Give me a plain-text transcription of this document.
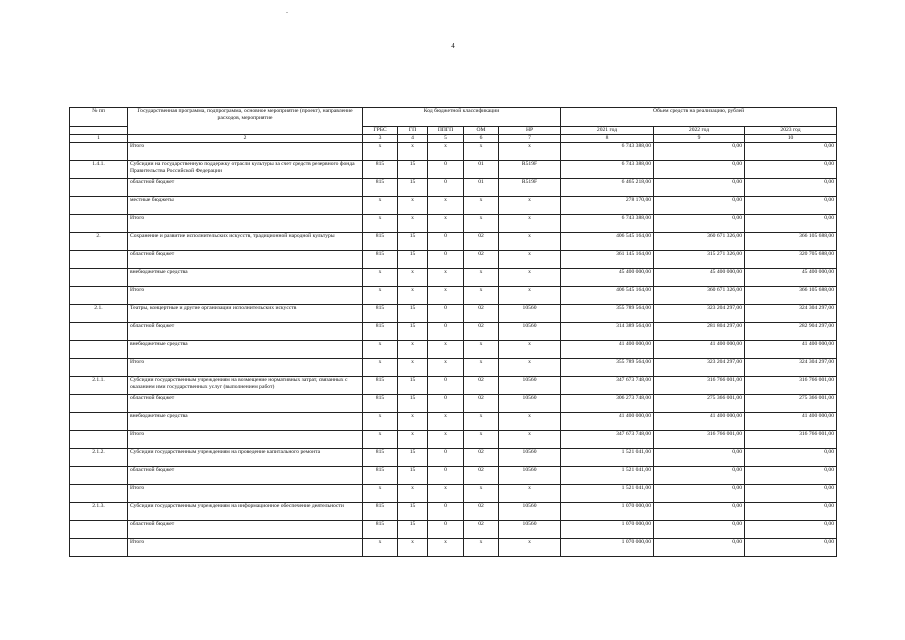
4
№ пп	Государственная программа, подпрограмма, основное мероприятие (проект), направление расходов, мероприятие	Код бюджетной классификации					Объем средств на реализацию, рублей		
		ГРБС	ГП	ППГП	ОМ	НР	2021 год	2022 год	2023 год
1	2	3	4	5	6	7	8	9	10
	Итого	х	х	х	х	х	6 743 388,00	0,00	0,00
1.4.1.	Субсидии на государственную поддержку отрасли культуры за счет средств резервного фонда Правительства Российской Федерации	815	15	0	01	R519F	6 743 388,00	0,00	0,00
	областной бюджет	815	15	0	01	R519F	6 465 218,00	0,00	0,00
	местные бюджеты	х	х	х	х	х	278 170,00	0,00	0,00
	Итого	х	х	х	х	х	6 743 388,00	0,00	0,00
2.	Сохранение и развитие исполнительских искусств, традиционной народной культуры	815	15	0	02	х	406 545 164,00	360 671 326,00	366 105 688,00
	областной бюджет	815	15	0	02	х	361 145 164,00	315 271 326,00	320 705 688,00
	внебюджетные средства	х	х	х	х	х	45 400 000,00	45 400 000,00	45 400 000,00
	Итого	х	х	х	х	х	406 545 164,00	360 671 326,00	366 105 688,00
2.1.	Театры, концертные и другие организации исполнительских искусств	815	15	0	02	10560	355 789 564,00	323 204 297,00	324 304 297,00
	областной бюджет	815	15	0	02	10560	314 389 564,00	281 804 297,00	282 904 297,00
	внебюджетные средства	х	х	х	х	х	41 400 000,00	41 400 000,00	41 400 000,00
	Итого	х	х	х	х	х	355 789 564,00	323 204 297,00	324 304 297,00
2.1.1.	Субсидии государственным учреждениям на возмещение нормативных затрат, связанных с оказанием ими государственных услуг (выполнением работ)	815	15	0	02	10560	347 673 748,00	316 766 001,00	316 766 001,00
	областной бюджет	815	15	0	02	10560	306 273 748,00	275 366 001,00	275 366 001,00
	внебюджетные средства	х	х	х	х	х	41 400 000,00	41 400 000,00	41 400 000,00
	Итого	х	х	х	х	х	347 673 748,00	316 766 001,00	316 766 001,00
2.1.2.	Субсидии государственным учреждениям на проведение капитального ремонта	815	15	0	02	10560	1 521 041,00	0,00	0,00
	областной бюджет	815	15	0	02	10560	1 521 041,00	0,00	0,00
	Итого	х	х	х	х	х	1 521 041,00	0,00	0,00
2.1.3.	Субсидии государственным учреждениям на информационное обеспечение деятельности	815	15	0	02	10560	1 070 000,00	0,00	0,00
	областной бюджет	815	15	0	02	10560	1 070 000,00	0,00	0,00
	Итого	х	х	х	х	х	1 070 000,00	0,00	0,00
